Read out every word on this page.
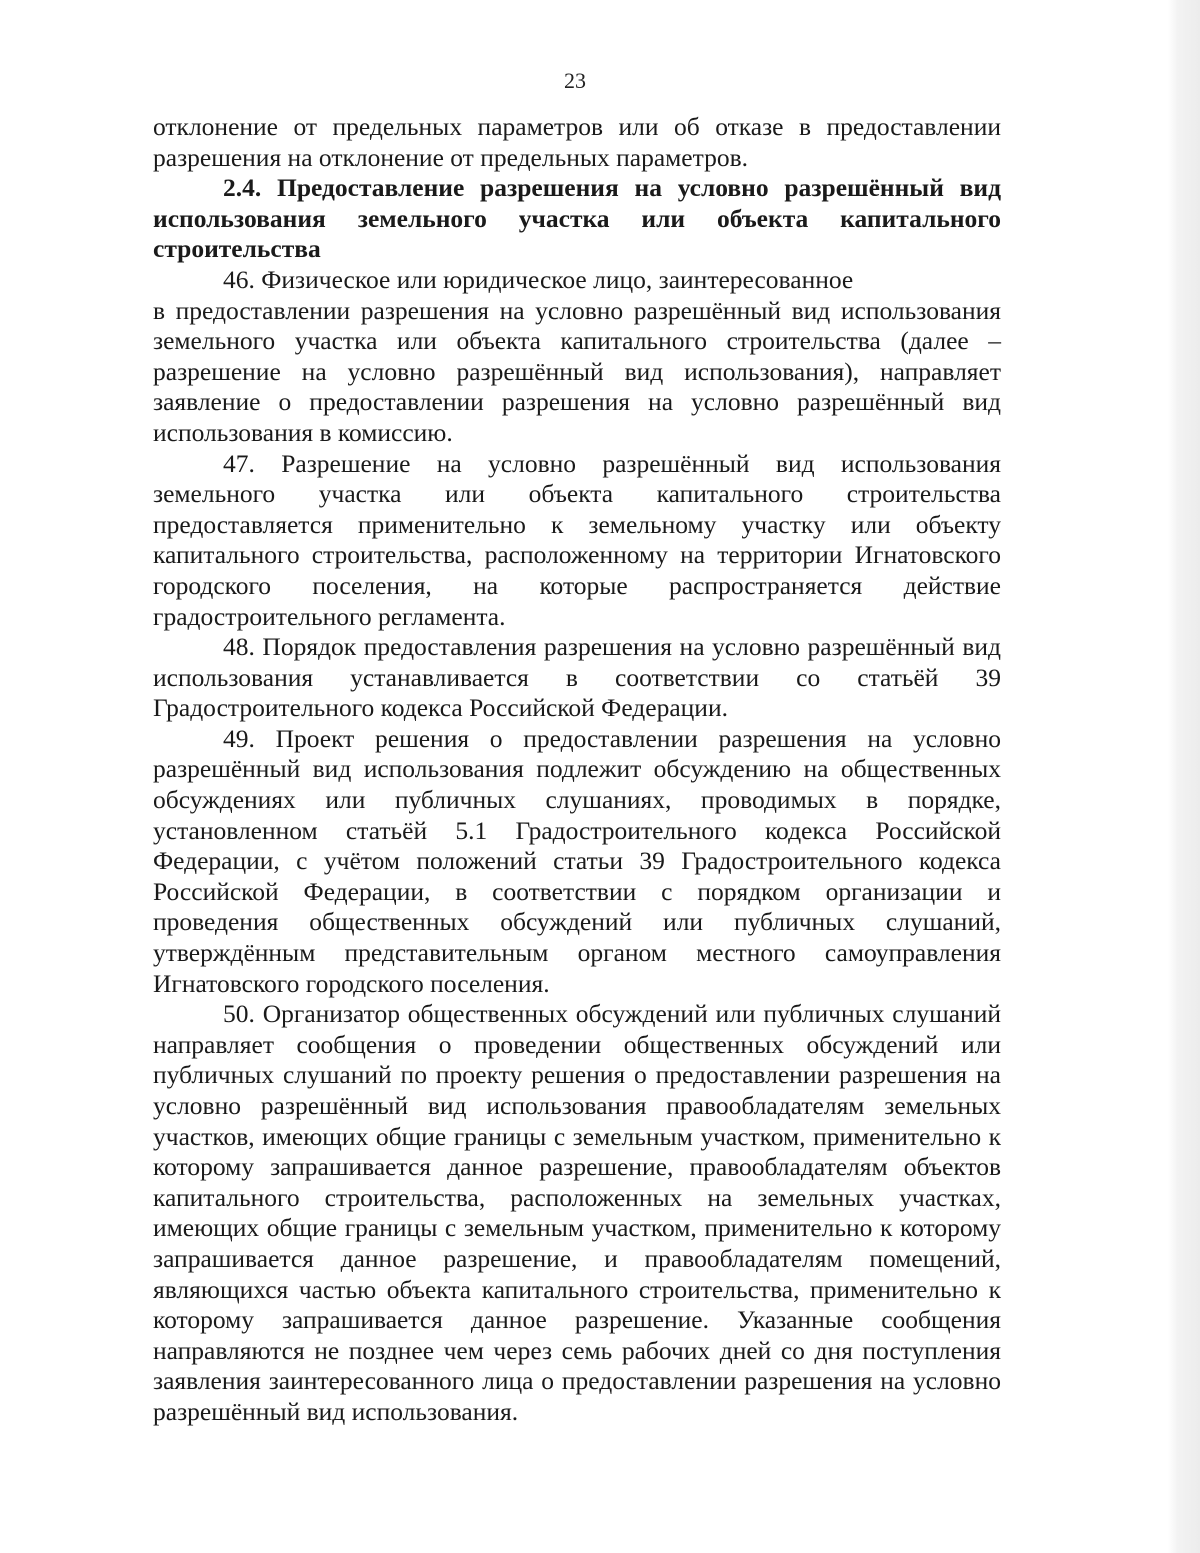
23

отклонение от предельных параметров или об отказе в предоставлении разрешения на отклонение от предельных параметров.

2.4. Предоставление разрешения на условно разрешённый вид использования земельного участка или объекта капитального строительства

46. Физическое или юридическое лицо, заинтересованное

в предоставлении разрешения на условно разрешённый вид использования земельного участка или объекта капитального строительства (далее – разрешение на условно разрешённый вид использования), направляет заявление о предоставлении разрешения на условно разрешённый вид использования в комиссию.

47. Разрешение на условно разрешённый вид использования земельного участка или объекта капитального строительства предоставляется применительно к земельному участку или объекту капитального строительства, расположенному на территории Игнатовского городского поселения, на которые распространяется действие градостроительного регламента.

48. Порядок предоставления разрешения на условно разрешённый вид использования устанавливается в соответствии со статьёй 39 Градостроительного кодекса Российской Федерации.

49. Проект решения о предоставлении разрешения на условно разрешённый вид использования подлежит обсуждению на общественных обсуждениях или публичных слушаниях, проводимых в порядке, установленном статьёй 5.1 Градостроительного кодекса Российской Федерации, с учётом положений статьи 39 Градостроительного кодекса Российской Федерации, в соответствии с порядком организации и проведения общественных обсуждений или публичных слушаний, утверждённым представительным органом местного самоуправления Игнатовского городского поселения.

50. Организатор общественных обсуждений или публичных слушаний направляет сообщения о проведении общественных обсуждений или публичных слушаний по проекту решения о предоставлении разрешения на условно разрешённый вид использования правообладателям земельных участков, имеющих общие границы с земельным участком, применительно к которому запрашивается данное разрешение, правообладателям объектов капитального строительства, расположенных на земельных участках, имеющих общие границы с земельным участком, применительно к которому запрашивается данное разрешение, и правообладателям помещений, являющихся частью объекта капитального строительства, применительно к которому запрашивается данное разрешение. Указанные сообщения направляются не позднее чем через семь рабочих дней со дня поступления заявления заинтересованного лица о предоставлении разрешения на условно разрешённый вид использования.
